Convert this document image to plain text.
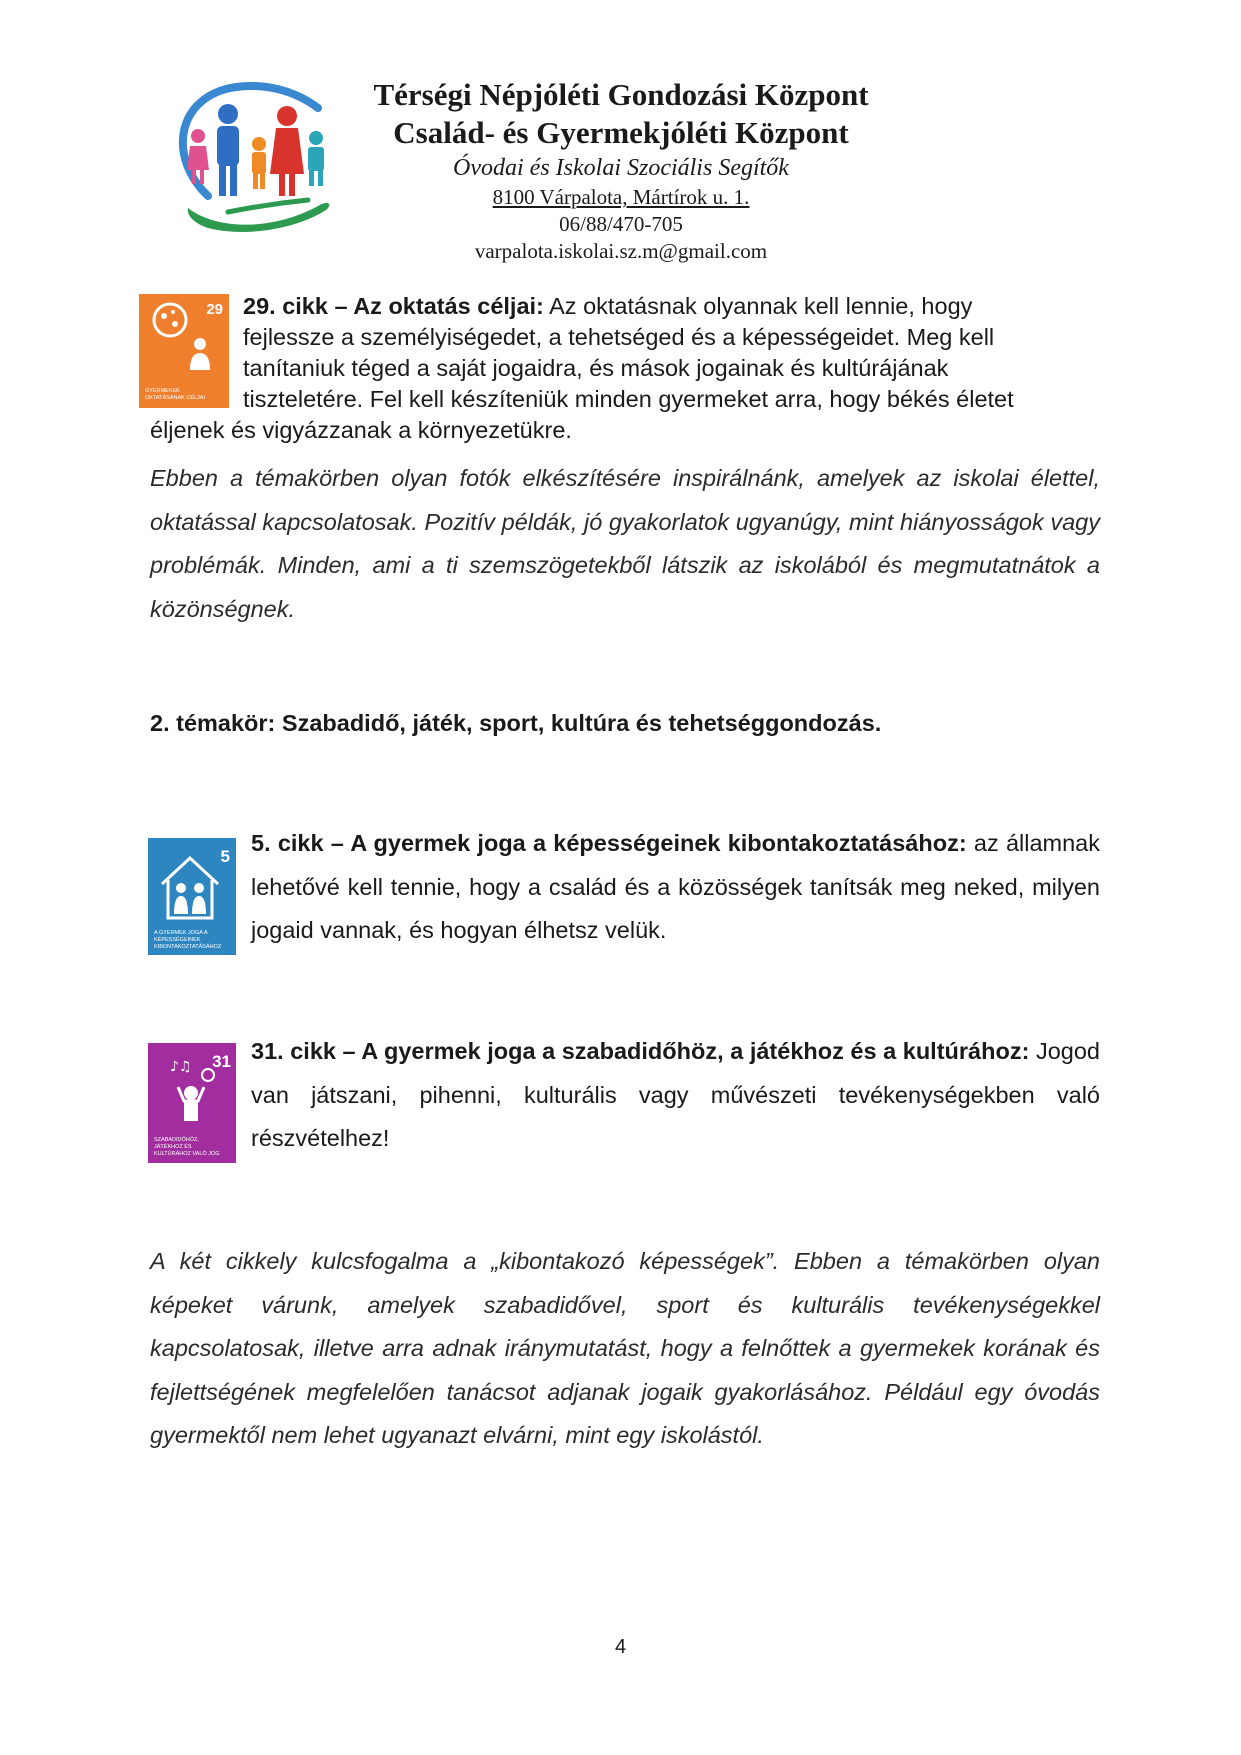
Térségi Népjóléti Gondozási Központ
Család- és Gyermekjóléti Központ
Óvodai és Iskolai Szociális Segítők
8100 Várpalota, Mártírok u. 1.
06/88/470-705
varpalota.iskolai.sz.m@gmail.com
29
GYERMEKEK
OKTATÁSÁNAK CÉLJAI
29. cikk – Az oktatás céljai: Az oktatásnak olyannak kell lennie, hogy
fejlessze a személyiségedet, a tehetséged és a képességeidet. Meg kell
tanítaniuk téged a saját jogaidra, és mások jogainak és kultúrájának
tiszteletére. Fel kell készíteniük minden gyermeket arra, hogy békés életet
éljenek és vigyázzanak a környezetükre.
Ebben a témakörben olyan fotók elkészítésére inspirálnánk, amelyek az iskolai élettel, oktatással kapcsolatosak. Pozitív példák, jó gyakorlatok ugyanúgy, mint hiányosságok vagy problémák. Minden, ami a ti szemszögetekből látszik az iskolából és megmutatnátok a közönségnek.
2. témakör: Szabadidő, játék, sport, kultúra és tehetséggondozás.
5
A GYERMEK JOGA A
KÉPESSÉGEINEK
KIBONTAKOZTATÁSÁHOZ
5. cikk – A gyermek joga a képességeinek kibontakoztatásához: az államnak lehetővé kell tennie, hogy a család és a közösségek tanítsák meg neked, milyen jogaid vannak, és hogyan élhetsz velük.
31
♪♫
SZABADIDŐHÖZ,
JÁTÉKHOZ ÉS
KULTÚRÁHOZ VALÓ JOG
31. cikk – A gyermek joga a szabadidőhöz, a játékhoz és a kultúrához: Jogod van játszani, pihenni, kulturális vagy művészeti tevékenységekben való részvételhez!
A két cikkely kulcsfogalma a „kibontakozó képességek”. Ebben a témakörben olyan képeket várunk, amelyek szabadidővel, sport és kulturális tevékenységekkel kapcsolatosak, illetve arra adnak iránymutatást, hogy a felnőttek a gyermekek korának és fejlettségének megfelelően tanácsot adjanak jogaik gyakorlásához. Például egy óvodás gyermektől nem lehet ugyanazt elvárni, mint egy iskolástól.
4
